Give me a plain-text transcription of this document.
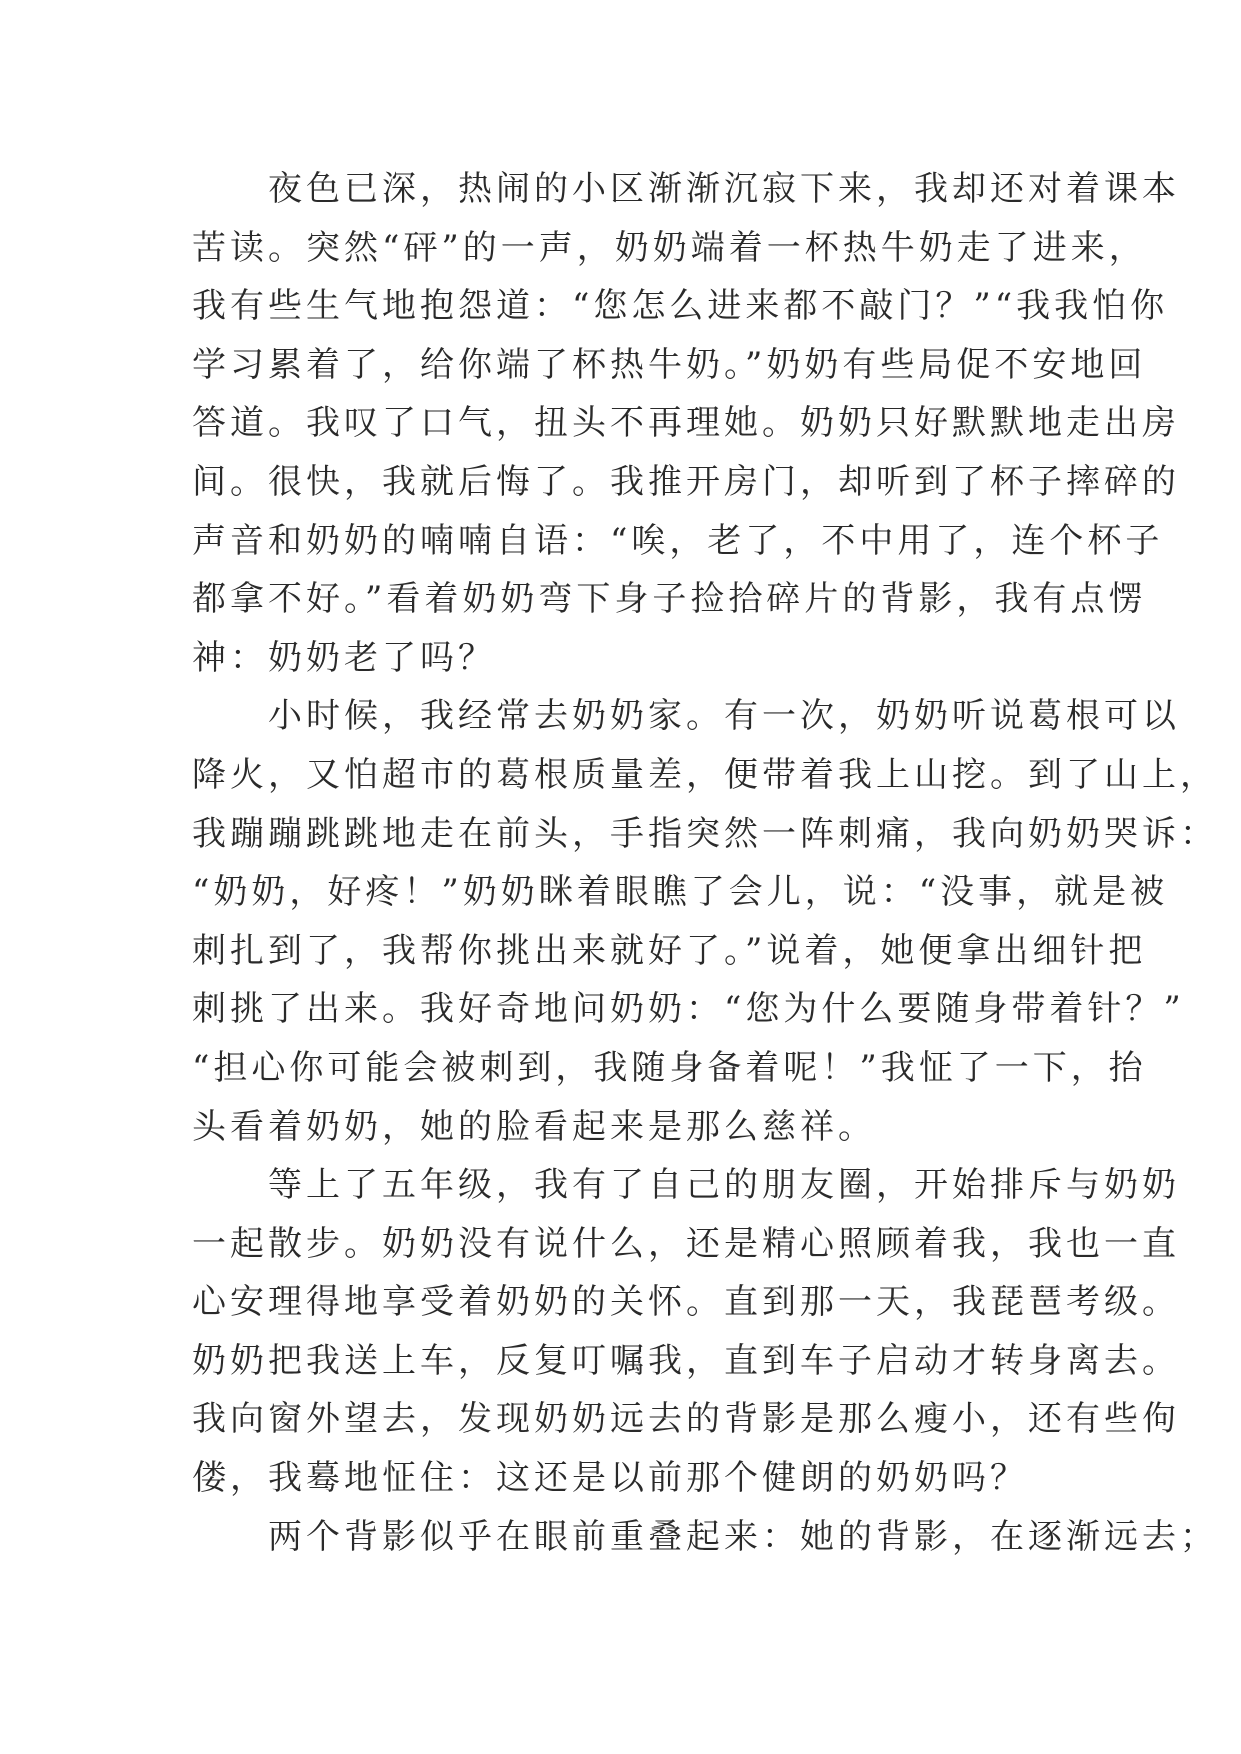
　　夜色已深，热闹的小区渐渐沉寂下来，我却还对着课本
苦读。突然“砰”的一声，奶奶端着一杯热牛奶走了进来，
我有些生气地抱怨道：“您怎么进来都不敲门？”“我我怕你
学习累着了，给你端了杯热牛奶。”奶奶有些局促不安地回
答道。我叹了口气，扭头不再理她。奶奶只好默默地走出房
间。很快，我就后悔了。我推开房门，却听到了杯子摔碎的
声音和奶奶的喃喃自语：“唉，老了，不中用了，连个杯子
都拿不好。”看着奶奶弯下身子捡拾碎片的背影，我有点愣
神：奶奶老了吗？
　　小时候，我经常去奶奶家。有一次，奶奶听说葛根可以
降火，又怕超市的葛根质量差，便带着我上山挖。到了山上，
我蹦蹦跳跳地走在前头，手指突然一阵刺痛，我向奶奶哭诉：
“奶奶，好疼！”奶奶眯着眼瞧了会儿，说：“没事，就是被
刺扎到了，我帮你挑出来就好了。”说着，她便拿出细针把
刺挑了出来。我好奇地问奶奶：“您为什么要随身带着针？”
“担心你可能会被刺到，我随身备着呢！”我怔了一下，抬
头看着奶奶，她的脸看起来是那么慈祥。
　　等上了五年级，我有了自己的朋友圈，开始排斥与奶奶
一起散步。奶奶没有说什么，还是精心照顾着我，我也一直
心安理得地享受着奶奶的关怀。直到那一天，我琵琶考级。
奶奶把我送上车，反复叮嘱我，直到车子启动才转身离去。
我向窗外望去，发现奶奶远去的背影是那么瘦小，还有些佝
偻，我蓦地怔住：这还是以前那个健朗的奶奶吗？
　　两个背影似乎在眼前重叠起来：她的背影，在逐渐远去；
